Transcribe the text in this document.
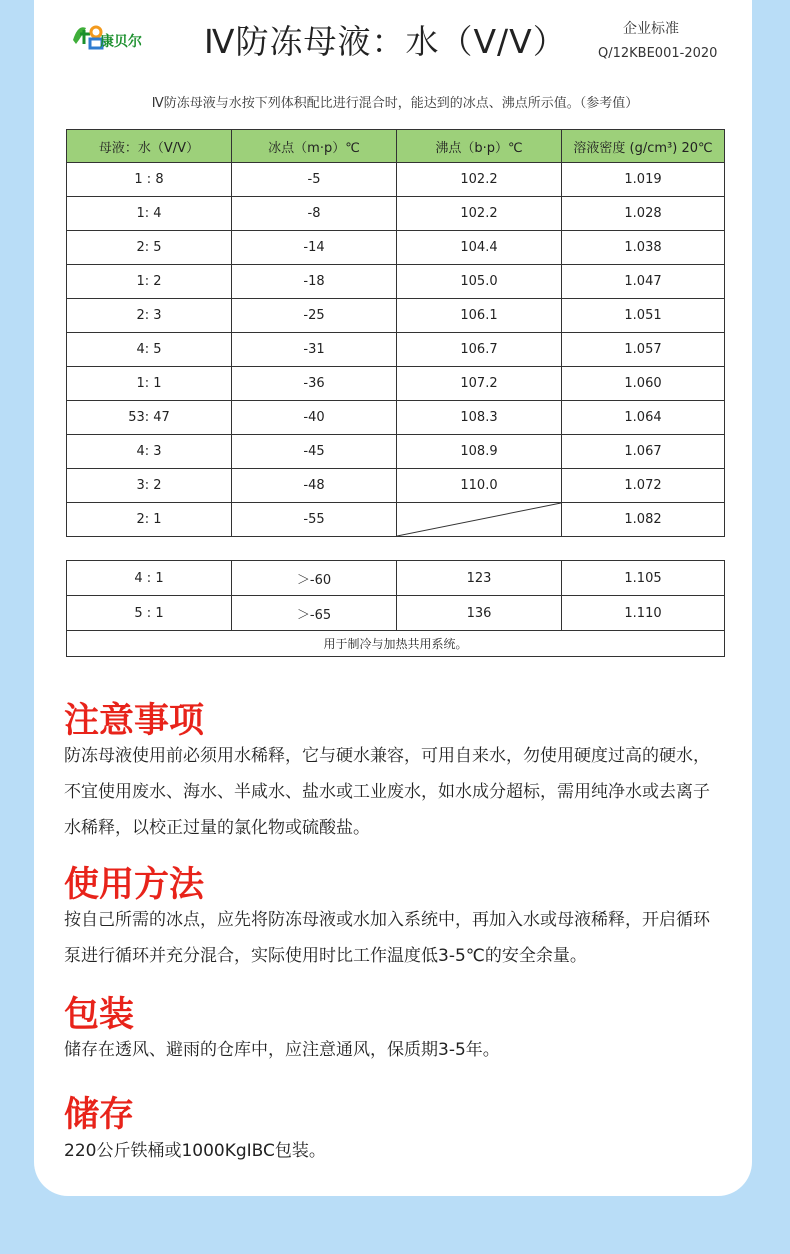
康贝尔 Ⅳ防冻母液：水（V/V）	企业标准
Q/12KBE001-2020
Ⅳ防冻母液与水按下列体积配比进行混合时，能达到的冰点、沸点所示值。（参考值）
母液：水（V/V）	冰点（m·p）℃	沸点（b·p）℃	溶液密度 (g/cm³) 20℃
1 : 8	-5	102.2	1.019
1: 4	-8	102.2	1.028
2: 5	-14	104.4	1.038
1: 2	-18	105.0	1.047
2: 3	-25	106.1	1.051
4: 5	-31	106.7	1.057
1: 1	-36	107.2	1.060
53: 47	-40	108.3	1.064
4: 3	-45	108.9	1.067
3: 2	-48	110.0	1.072
2: 1	-55		1.082
4 : 1	＞-60	123	1.105
5 : 1	＞-65	136	1.110
用于制冷与加热共用系统。			
注意事项
防冻母液使用前必须用水稀释，它与硬水兼容，可用自来水，勿使用硬度过高的硬水，不宜使用废水、海水、半咸水、盐水或工业废水，如水成分超标，需用纯净水或去离子水稀释，以校正过量的氯化物或硫酸盐。
使用方法
按自己所需的冰点，应先将防冻母液或水加入系统中，再加入水或母液稀释，开启循环泵进行循环并充分混合，实际使用时比工作温度低3-5℃的安全余量。
包装
储存在透风、避雨的仓库中，应注意通风，保质期3-5年。
储存
220公斤铁桶或1000KgIBC包装。
